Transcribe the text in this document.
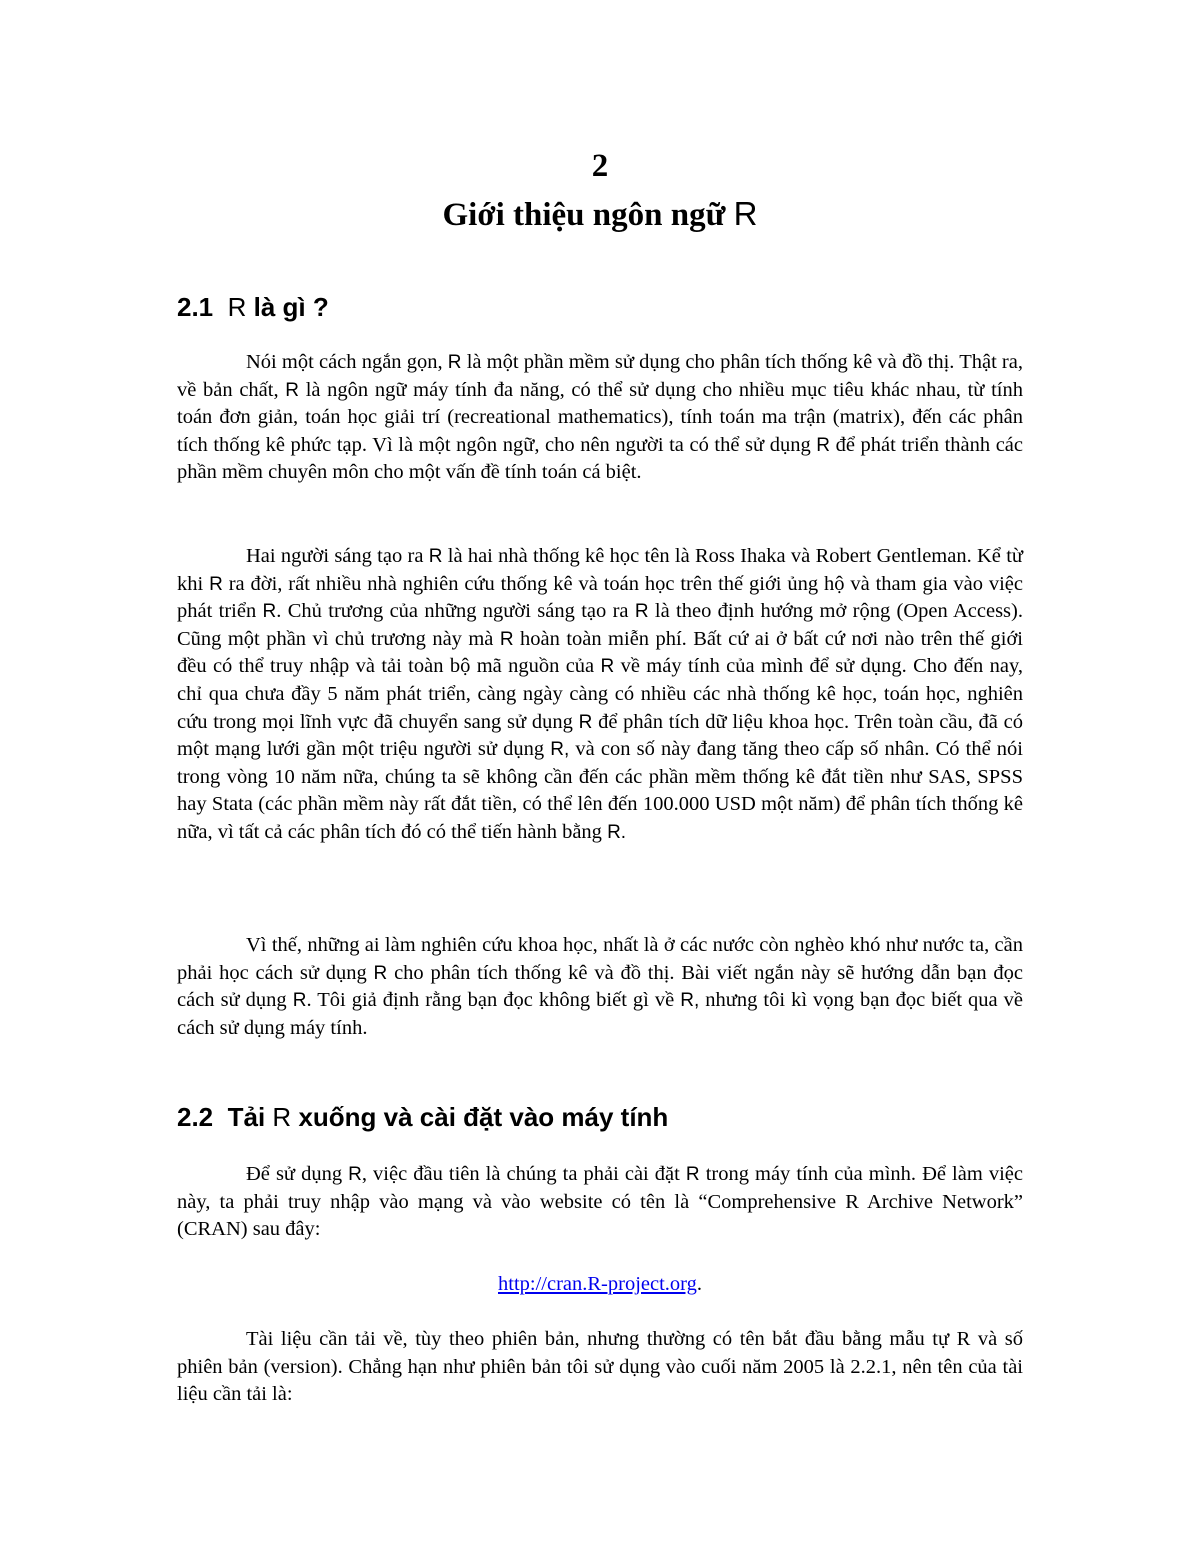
2
Giới thiệu ngôn ngữ R
2.1 R là gì ?

Nói một cách ngắn gọn, R là một phần mềm sử dụng cho phân tích thống kê và đồ thị. Thật ra, về bản chất, R là ngôn ngữ máy tính đa năng, có thể sử dụng cho nhiều mục tiêu khác nhau, từ tính toán đơn giản, toán học giải trí (recreational mathematics), tính toán ma trận (matrix), đến các phân tích thống kê phức tạp. Vì là một ngôn ngữ, cho nên người ta có thể sử dụng R để phát triển thành các phần mềm chuyên môn cho một vấn đề tính toán cá biệt.

Hai người sáng tạo ra R là hai nhà thống kê học tên là Ross Ihaka và Robert Gentleman. Kể từ khi R ra đời, rất nhiều nhà nghiên cứu thống kê và toán học trên thế giới ủng hộ và tham gia vào việc phát triển R. Chủ trương của những người sáng tạo ra R là theo định hướng mở rộng (Open Access). Cũng một phần vì chủ trương này mà R hoàn toàn miễn phí. Bất cứ ai ở bất cứ nơi nào trên thế giới đều có thể truy nhập và tải toàn bộ mã nguồn của R về máy tính của mình để sử dụng. Cho đến nay, chỉ qua chưa đầy 5 năm phát triển, càng ngày càng có nhiều các nhà thống kê học, toán học, nghiên cứu trong mọi lĩnh vực đã chuyển sang sử dụng R để phân tích dữ liệu khoa học. Trên toàn cầu, đã có một mạng lưới gần một triệu người sử dụng R, và con số này đang tăng theo cấp số nhân. Có thể nói trong vòng 10 năm nữa, chúng ta sẽ không cần đến các phần mềm thống kê đắt tiền như SAS, SPSS hay Stata (các phần mềm này rất đắt tiền, có thể lên đến 100.000 USD một năm) để phân tích thống kê nữa, vì tất cả các phân tích đó có thể tiến hành bằng R.

Vì thế, những ai làm nghiên cứu khoa học, nhất là ở các nước còn nghèo khó như nước ta, cần phải học cách sử dụng R cho phân tích thống kê và đồ thị. Bài viết ngắn này sẽ hướng dẫn bạn đọc cách sử dụng R. Tôi giả định rằng bạn đọc không biết gì về R, nhưng tôi kì vọng bạn đọc biết qua về cách sử dụng máy tính.

2.2 Tải R xuống và cài đặt vào máy tính

Để sử dụng R, việc đầu tiên là chúng ta phải cài đặt R trong máy tính của mình. Để làm việc này, ta phải truy nhập vào mạng và vào website có tên là “Comprehensive R Archive Network” (CRAN) sau đây:

http://cran.R-project.org.

Tài liệu cần tải về, tùy theo phiên bản, nhưng thường có tên bắt đầu bằng mẫu tự R và số phiên bản (version). Chẳng hạn như phiên bản tôi sử dụng vào cuối năm 2005 là 2.2.1, nên tên của tài liệu cần tải là:
